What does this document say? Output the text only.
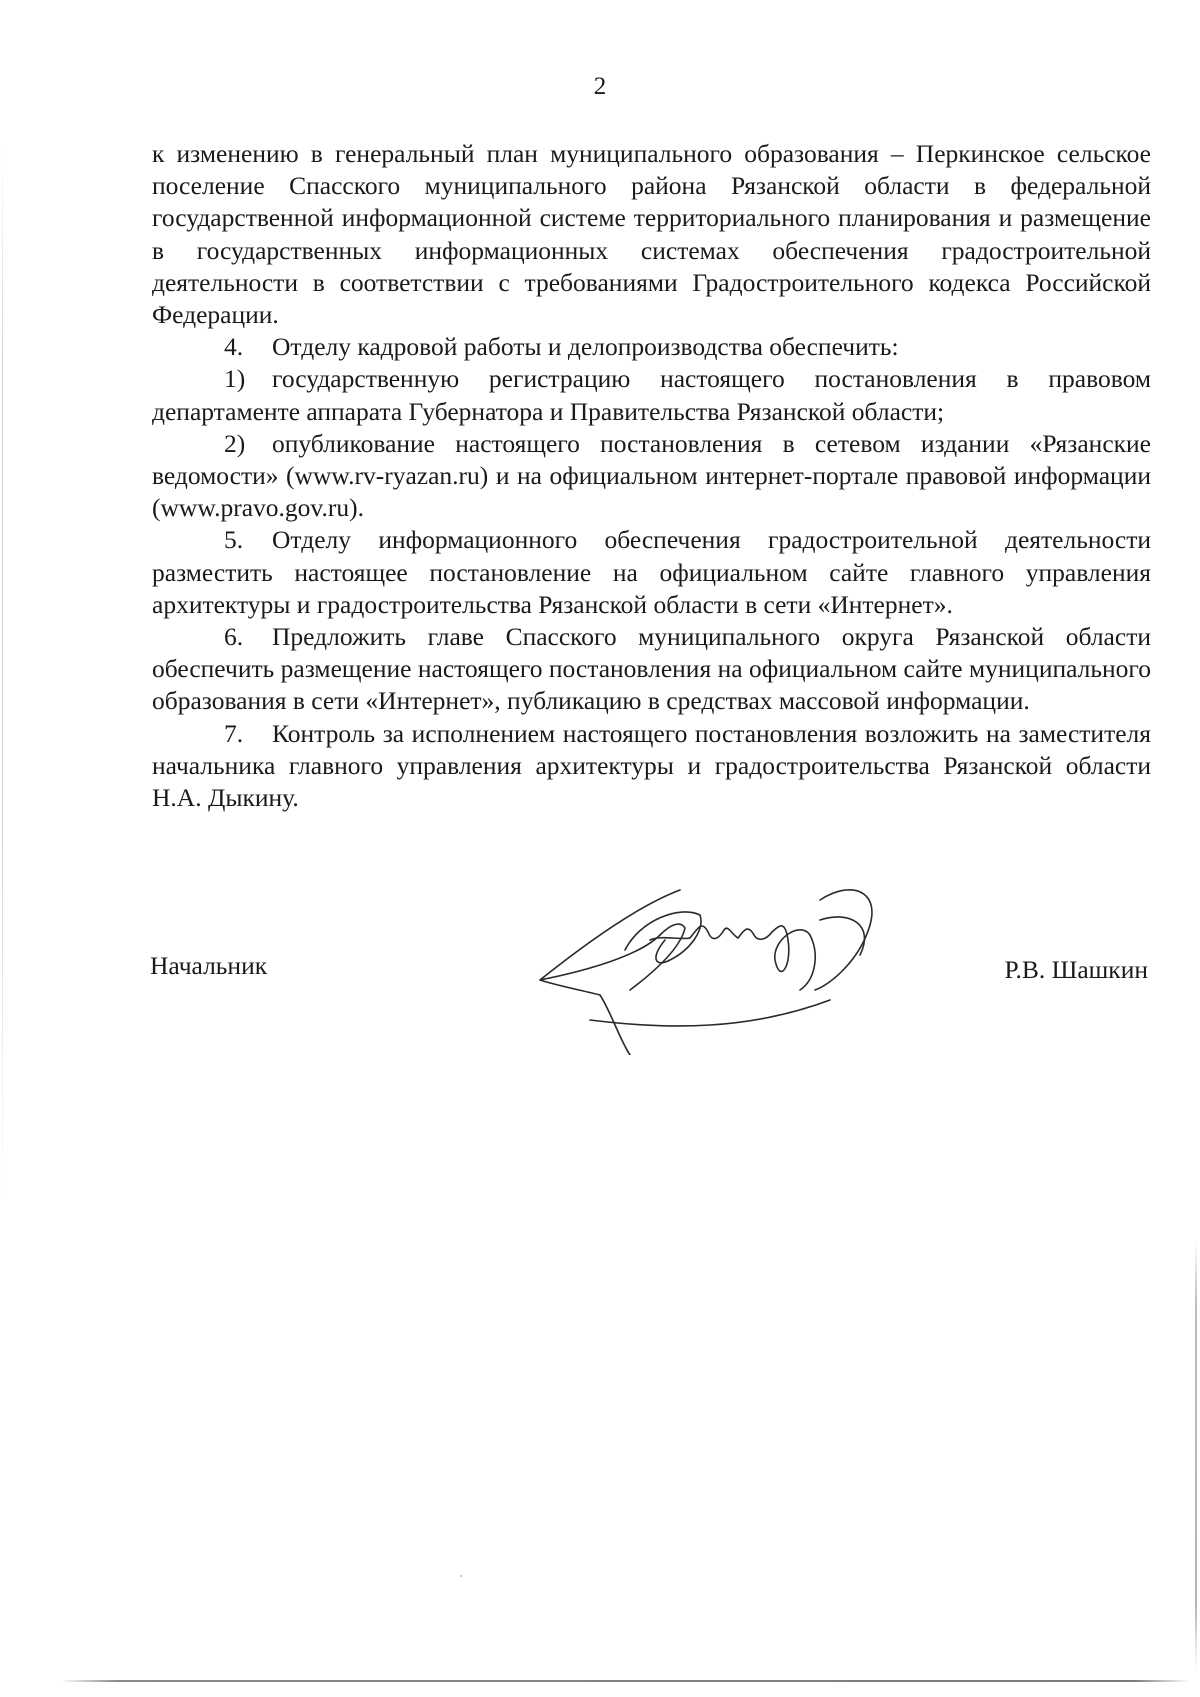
2

к изменению в генеральный план муниципального образования – Перкинское сельское поселение Спасского муниципального района Рязанской области в федеральной государственной информационной системе территориального планирования и размещение в государственных информационных системах обеспечения градостроительной деятельности в соответствии с требованиями Градостроительного кодекса Российской Федерации.

4. Отделу кадровой работы и делопроизводства обеспечить:

1) государственную регистрацию настоящего постановления в правовом департаменте аппарата Губернатора и Правительства Рязанской области;

2) опубликование настоящего постановления в сетевом издании «Рязанские ведомости» (www.rv-ryazan.ru) и на официальном интернет-портале правовой информации (www.pravo.gov.ru).

5. Отделу информационного обеспечения градостроительной деятельности разместить настоящее постановление на официальном сайте главного управления архитектуры и градостроительства Рязанской области в сети «Интернет».

6. Предложить главе Спасского муниципального округа Рязанской области обеспечить размещение настоящего постановления на официальном сайте муниципального образования в сети «Интернет», публикацию в средствах массовой информации.

7. Контроль за исполнением настоящего постановления возложить на заместителя начальника главного управления архитектуры и градостроительства Рязанской области Н.А. Дыкину.

Начальник	Р.В. Шашкин
